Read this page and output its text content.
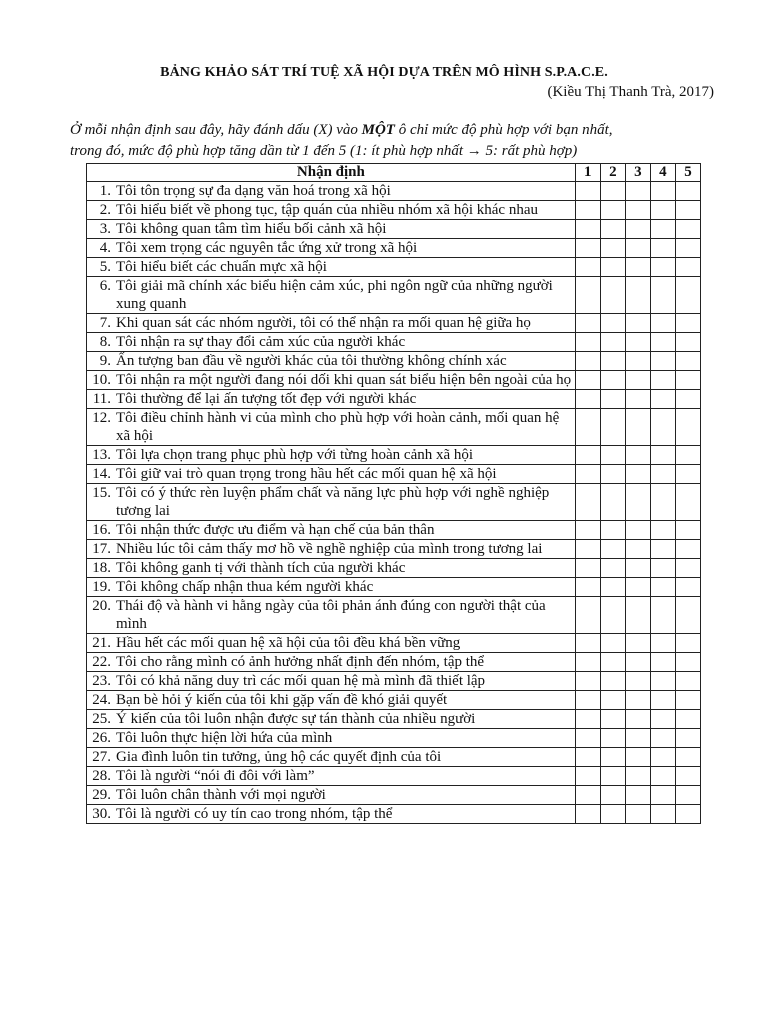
BẢNG KHẢO SÁT TRÍ TUỆ XÃ HỘI DỰA TRÊN MÔ HÌNH S.P.A.C.E.
(Kiều Thị Thanh Trà, 2017)
Ở mỗi nhận định sau đây, hãy đánh dấu (X) vào MỘT ô chỉ mức độ phù hợp với bạn nhất,
trong đó, mức độ phù hợp tăng dần từ 1 đến 5 (1: ít phù hợp nhất → 5: rất phù hợp)
Nhận định	1	2	3	4	5

1. Tôi tôn trọng sự đa dạng văn hoá trong xã hội					

2. Tôi hiểu biết về phong tục, tập quán của nhiều nhóm xã hội khác nhau					

3. Tôi không quan tâm tìm hiểu bối cảnh xã hội					

4. Tôi xem trọng các nguyên tắc ứng xử trong xã hội					

5. Tôi hiểu biết các chuẩn mực xã hội					

6. Tôi giải mã chính xác biểu hiện cảm xúc, phi ngôn ngữ của những người xung quanh					

7. Khi quan sát các nhóm người, tôi có thể nhận ra mối quan hệ giữa họ					

8. Tôi nhận ra sự thay đổi cảm xúc của người khác					

9. Ấn tượng ban đầu về người khác của tôi thường không chính xác					

10. Tôi nhận ra một người đang nói dối khi quan sát biểu hiện bên ngoài của họ					

11. Tôi thường để lại ấn tượng tốt đẹp với người khác					

12. Tôi điều chỉnh hành vi của mình cho phù hợp với hoàn cảnh, mối quan hệ xã hội					

13. Tôi lựa chọn trang phục phù hợp với từng hoàn cảnh xã hội					

14. Tôi giữ vai trò quan trọng trong hầu hết các mối quan hệ xã hội					

15. Tôi có ý thức rèn luyện phẩm chất và năng lực phù hợp với nghề nghiệp tương lai					

16. Tôi nhận thức được ưu điểm và hạn chế của bản thân					

17. Nhiều lúc tôi cảm thấy mơ hồ về nghề nghiệp của mình trong tương lai					

18. Tôi không ganh tị với thành tích của người khác					

19. Tôi không chấp nhận thua kém người khác					

20. Thái độ và hành vi hằng ngày của tôi phản ánh đúng con người thật của mình					

21. Hầu hết các mối quan hệ xã hội của tôi đều khá bền vững					

22. Tôi cho rằng mình có ảnh hưởng nhất định đến nhóm, tập thể					

23. Tôi có khả năng duy trì các mối quan hệ mà mình đã thiết lập					

24. Bạn bè hỏi ý kiến của tôi khi gặp vấn đề khó giải quyết					

25. Ý kiến của tôi luôn nhận được sự tán thành của nhiều người					

26. Tôi luôn thực hiện lời hứa của mình					

27. Gia đình luôn tin tưởng, ủng hộ các quyết định của tôi					

28. Tôi là người “nói đi đôi với làm”					

29. Tôi luôn chân thành với mọi người					

30. Tôi là người có uy tín cao trong nhóm, tập thể					
